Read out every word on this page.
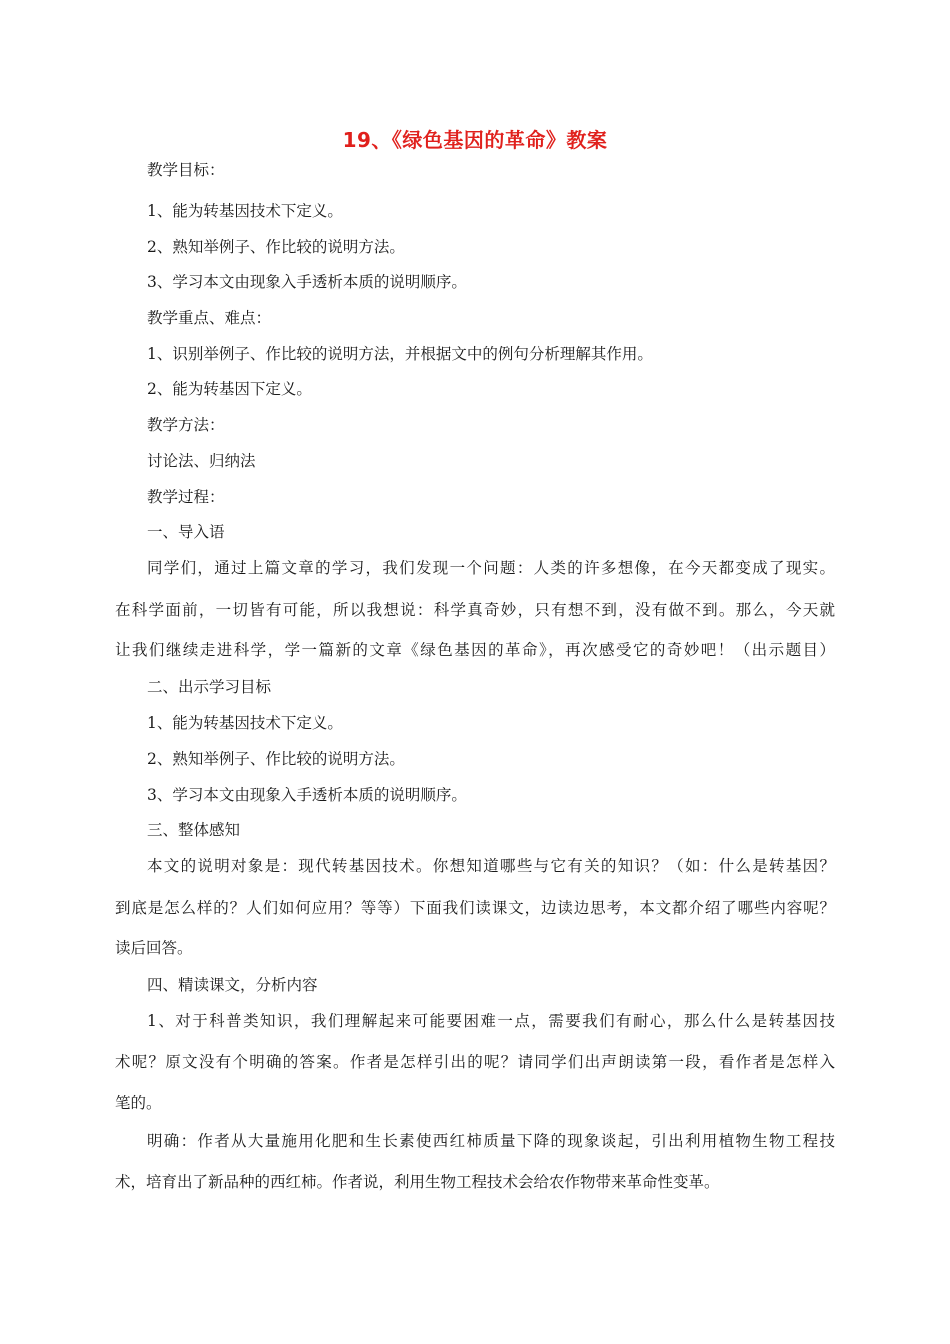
19、《绿色基因的革命》教案
教学目标：
1、能为转基因技术下定义。
2、熟知举例子、作比较的说明方法。
3、学习本文由现象入手透析本质的说明顺序。
教学重点、难点：
1、识别举例子、作比较的说明方法，并根据文中的例句分析理解其作用。
2、能为转基因下定义。
教学方法：
讨论法、归纳法
教学过程：
一、导入语
同学们，通过上篇文章的学习，我们发现一个问题：人类的许多想像，在今天都变成了现实。
在科学面前，一切皆有可能，所以我想说：科学真奇妙，只有想不到，没有做不到。那么，今天就
让我们继续走进科学，学一篇新的文章《绿色基因的革命》，再次感受它的奇妙吧！（出示题目）
二、出示学习目标
1、能为转基因技术下定义。
2、熟知举例子、作比较的说明方法。
3、学习本文由现象入手透析本质的说明顺序。
三、整体感知
本文的说明对象是：现代转基因技术。你想知道哪些与它有关的知识？（如：什么是转基因？
到底是怎么样的？人们如何应用？等等）下面我们读课文，边读边思考，本文都介绍了哪些内容呢？
读后回答。
四、精读课文，分析内容
1、对于科普类知识，我们理解起来可能要困难一点，需要我们有耐心，那么什么是转基因技
术呢？原文没有个明确的答案。作者是怎样引出的呢？请同学们出声朗读第一段，看作者是怎样入
笔的。
明确：作者从大量施用化肥和生长素使西红柿质量下降的现象谈起，引出利用植物生物工程技
术，培育出了新品种的西红柿。作者说，利用生物工程技术会给农作物带来革命性变革。
